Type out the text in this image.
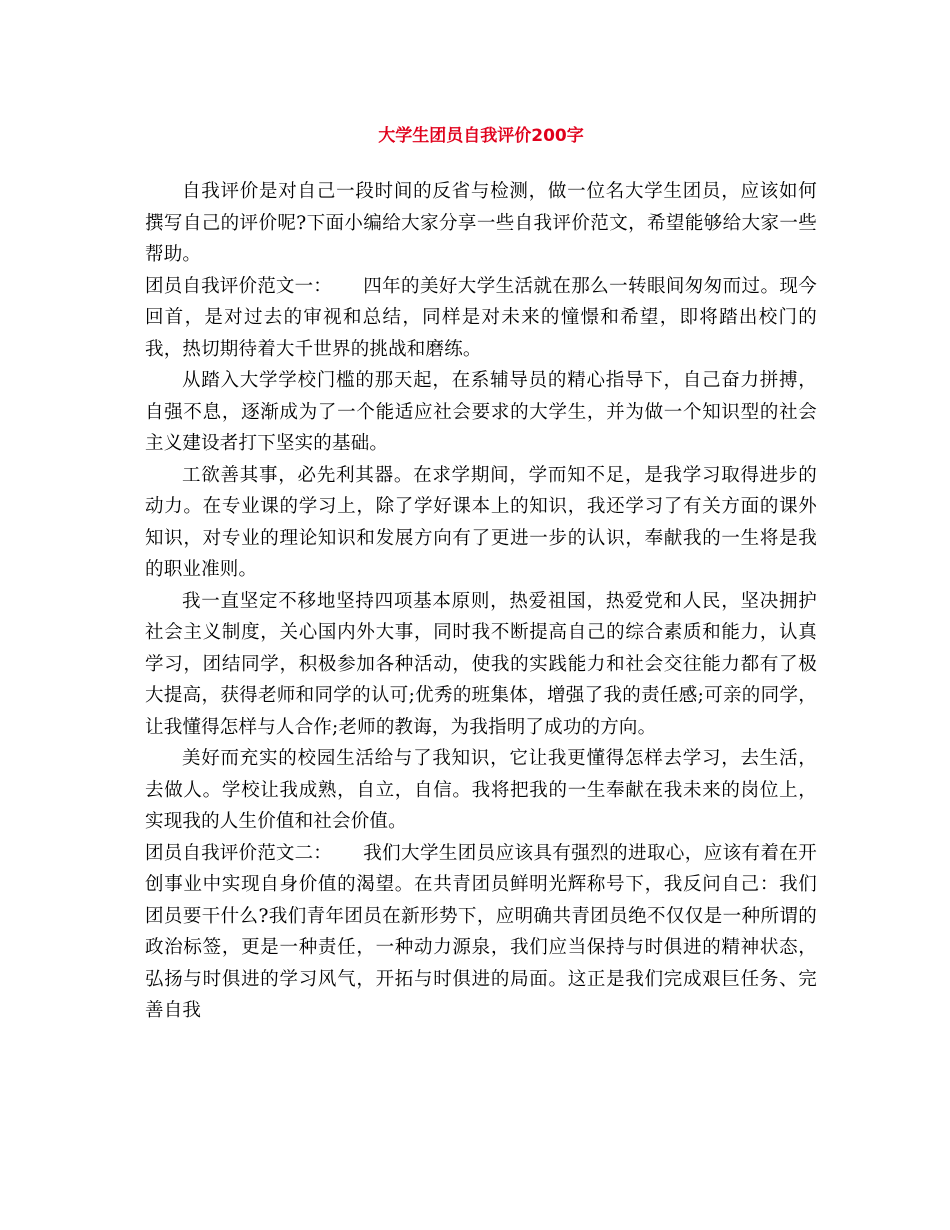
大学生团员自我评价200字

自我评价是对自己一段时间的反省与检测，做一位名大学生团员，应该如何撰写自己的评价呢?下面小编给大家分享一些自我评价范文，希望能够给大家一些帮助。

团员自我评价范文一： 四年的美好大学生活就在那么一转眼间匆匆而过。现今回首，是对过去的审视和总结，同样是对未来的憧憬和希望，即将踏出校门的我，热切期待着大千世界的挑战和磨练。

从踏入大学学校门槛的那天起，在系辅导员的精心指导下，自己奋力拼搏，自强不息，逐渐成为了一个能适应社会要求的大学生，并为做一个知识型的社会主义建设者打下坚实的基础。

工欲善其事，必先利其器。在求学期间，学而知不足，是我学习取得进步的动力。在专业课的学习上，除了学好课本上的知识，我还学习了有关方面的课外知识，对专业的理论知识和发展方向有了更进一步的认识，奉献我的一生将是我的职业准则。

我一直坚定不移地坚持四项基本原则，热爱祖国，热爱党和人民，坚决拥护社会主义制度，关心国内外大事，同时我不断提高自己的综合素质和能力，认真学习，团结同学，积极参加各种活动，使我的实践能力和社会交往能力都有了极大提高，获得老师和同学的认可;优秀的班集体，增强了我的责任感;可亲的同学，让我懂得怎样与人合作;老师的教诲，为我指明了成功的方向。

美好而充实的校园生活给与了我知识，它让我更懂得怎样去学习，去生活，去做人。学校让我成熟，自立，自信。我将把我的一生奉献在我未来的岗位上，实现我的人生价值和社会价值。

团员自我评价范文二： 我们大学生团员应该具有强烈的进取心，应该有着在开创事业中实现自身价值的渴望。在共青团员鲜明光辉称号下，我反问自己：我们团员要干什么?我们青年团员在新形势下，应明确共青团员绝不仅仅是一种所谓的政治标签，更是一种责任，一种动力源泉，我们应当保持与时俱进的精神状态，弘扬与时俱进的学习风气，开拓与时俱进的局面。这正是我们完成艰巨任务、完善自我
